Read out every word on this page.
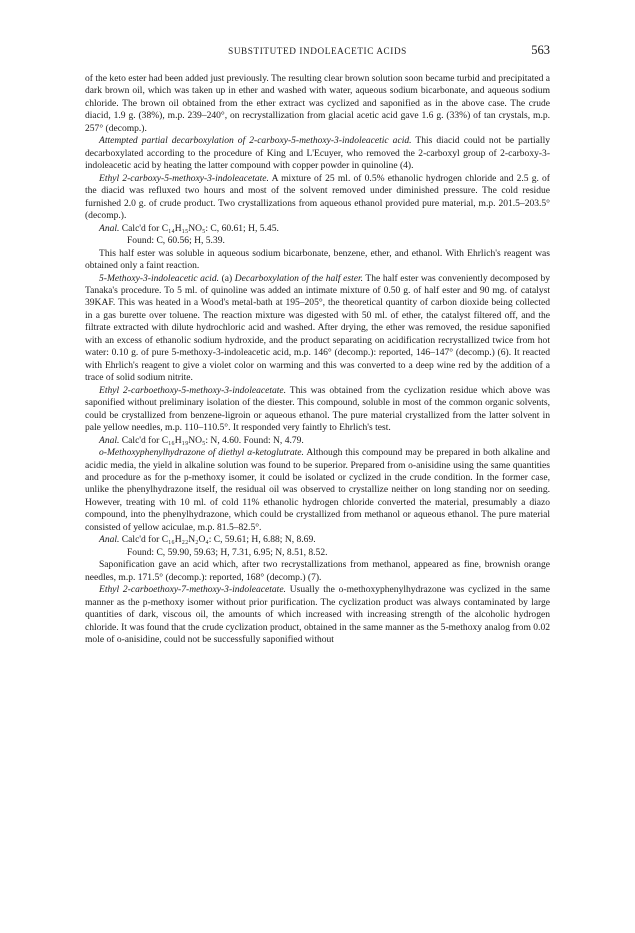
SUBSTITUTED INDOLEACETIC ACIDS	563

of the keto ester had been added just previously. The resulting clear brown solution soon became turbid and precipitated a dark brown oil, which was taken up in ether and washed with water, aqueous sodium bicarbonate, and aqueous sodium chloride. The brown oil obtained from the ether extract was cyclized and saponified as in the above case. The crude diacid, 1.9 g. (38%), m.p. 239–240°, on recrystallization from glacial acetic acid gave 1.6 g. (33%) of tan crystals, m.p. 257° (decomp.).

Attempted partial decarboxylation of 2-carboxy-5-methoxy-3-indoleacetic acid. This diacid could not be partially decarboxylated according to the procedure of King and L'Ecuyer, who removed the 2-carboxyl group of 2-carboxy-3-indoleacetic acid by heating the latter compound with copper powder in quinoline (4).

Ethyl 2-carboxy-5-methoxy-3-indoleacetate. A mixture of 25 ml. of 0.5% ethanolic hydrogen chloride and 2.5 g. of the diacid was refluxed two hours and most of the solvent removed under diminished pressure. The cold residue furnished 2.0 g. of crude product. Two crystallizations from aqueous ethanol provided pure material, m.p. 201.5–203.5° (decomp.).

Anal. Calc'd for C₁₄H₁₅NO₅: C, 60.61; H, 5.45.

Found: C, 60.56; H, 5.39.

This half ester was soluble in aqueous sodium bicarbonate, benzene, ether, and ethanol. With Ehrlich's reagent was obtained only a faint reaction.

5-Methoxy-3-indoleacetic acid. (a) Decarboxylation of the half ester. The half ester was conveniently decomposed by Tanaka's procedure. To 5 ml. of quinoline was added an intimate mixture of 0.50 g. of half ester and 90 mg. of catalyst 39KAF. This was heated in a Wood's metal-bath at 195–205°, the theoretical quantity of carbon dioxide being collected in a gas burette over toluene. The reaction mixture was digested with 50 ml. of ether, the catalyst filtered off, and the filtrate extracted with dilute hydrochloric acid and washed. After drying, the ether was removed, the residue saponified with an excess of ethanolic sodium hydroxide, and the product separating on acidification recrystallized twice from hot water: 0.10 g. of pure 5-methoxy-3-indoleacetic acid, m.p. 146° (decomp.): reported, 146–147° (decomp.) (6). It reacted with Ehrlich's reagent to give a violet color on warming and this was converted to a deep wine red by the addition of a trace of solid sodium nitrite.

Ethyl 2-carboethoxy-5-methoxy-3-indoleacetate. This was obtained from the cyclization residue which above was saponified without preliminary isolation of the diester. This compound, soluble in most of the common organic solvents, could be crystallized from benzene-ligroin or aqueous ethanol. The pure material crystallized from the latter solvent in pale yellow needles, m.p. 110–110.5°. It responded very faintly to Ehrlich's test.

Anal. Calc'd for C₁₆H₁₉NO₅: N, 4.60. Found: N, 4.79.

o-Methoxyphenylhydrazone of diethyl α-ketoglutrate. Although this compound may be prepared in both alkaline and acidic media, the yield in alkaline solution was found to be superior. Prepared from o-anisidine using the same quantities and procedure as for the p-methoxy isomer, it could be isolated or cyclized in the crude condition. In the former case, unlike the phenylhydrazone itself, the residual oil was observed to crystallize neither on long standing nor on seeding. However, treating with 10 ml. of cold 11% ethanolic hydrogen chloride converted the material, presumably a diazo compound, into the phenylhydrazone, which could be crystallized from methanol or aqueous ethanol. The pure material consisted of yellow aciculae, m.p. 81.5–82.5°.

Anal. Calc'd for C₁₆H₂₂N₂O₄: C, 59.61; H, 6.88; N, 8.69.

Found: C, 59.90, 59.63; H, 7.31, 6.95; N, 8.51, 8.52.

Saponification gave an acid which, after two recrystallizations from methanol, appeared as fine, brownish orange needles, m.p. 171.5° (decomp.): reported, 168° (decomp.) (7).

Ethyl 2-carboethoxy-7-methoxy-3-indoleacetate. Usually the o-methoxyphenylhydrazone was cyclized in the same manner as the p-methoxy isomer without prior purification. The cyclization product was always contaminated by large quantities of dark, viscous oil, the amounts of which increased with increasing strength of the alcoholic hydrogen chloride. It was found that the crude cyclization product, obtained in the same manner as the 5-methoxy analog from 0.02 mole of o-anisidine, could not be successfully saponified without
